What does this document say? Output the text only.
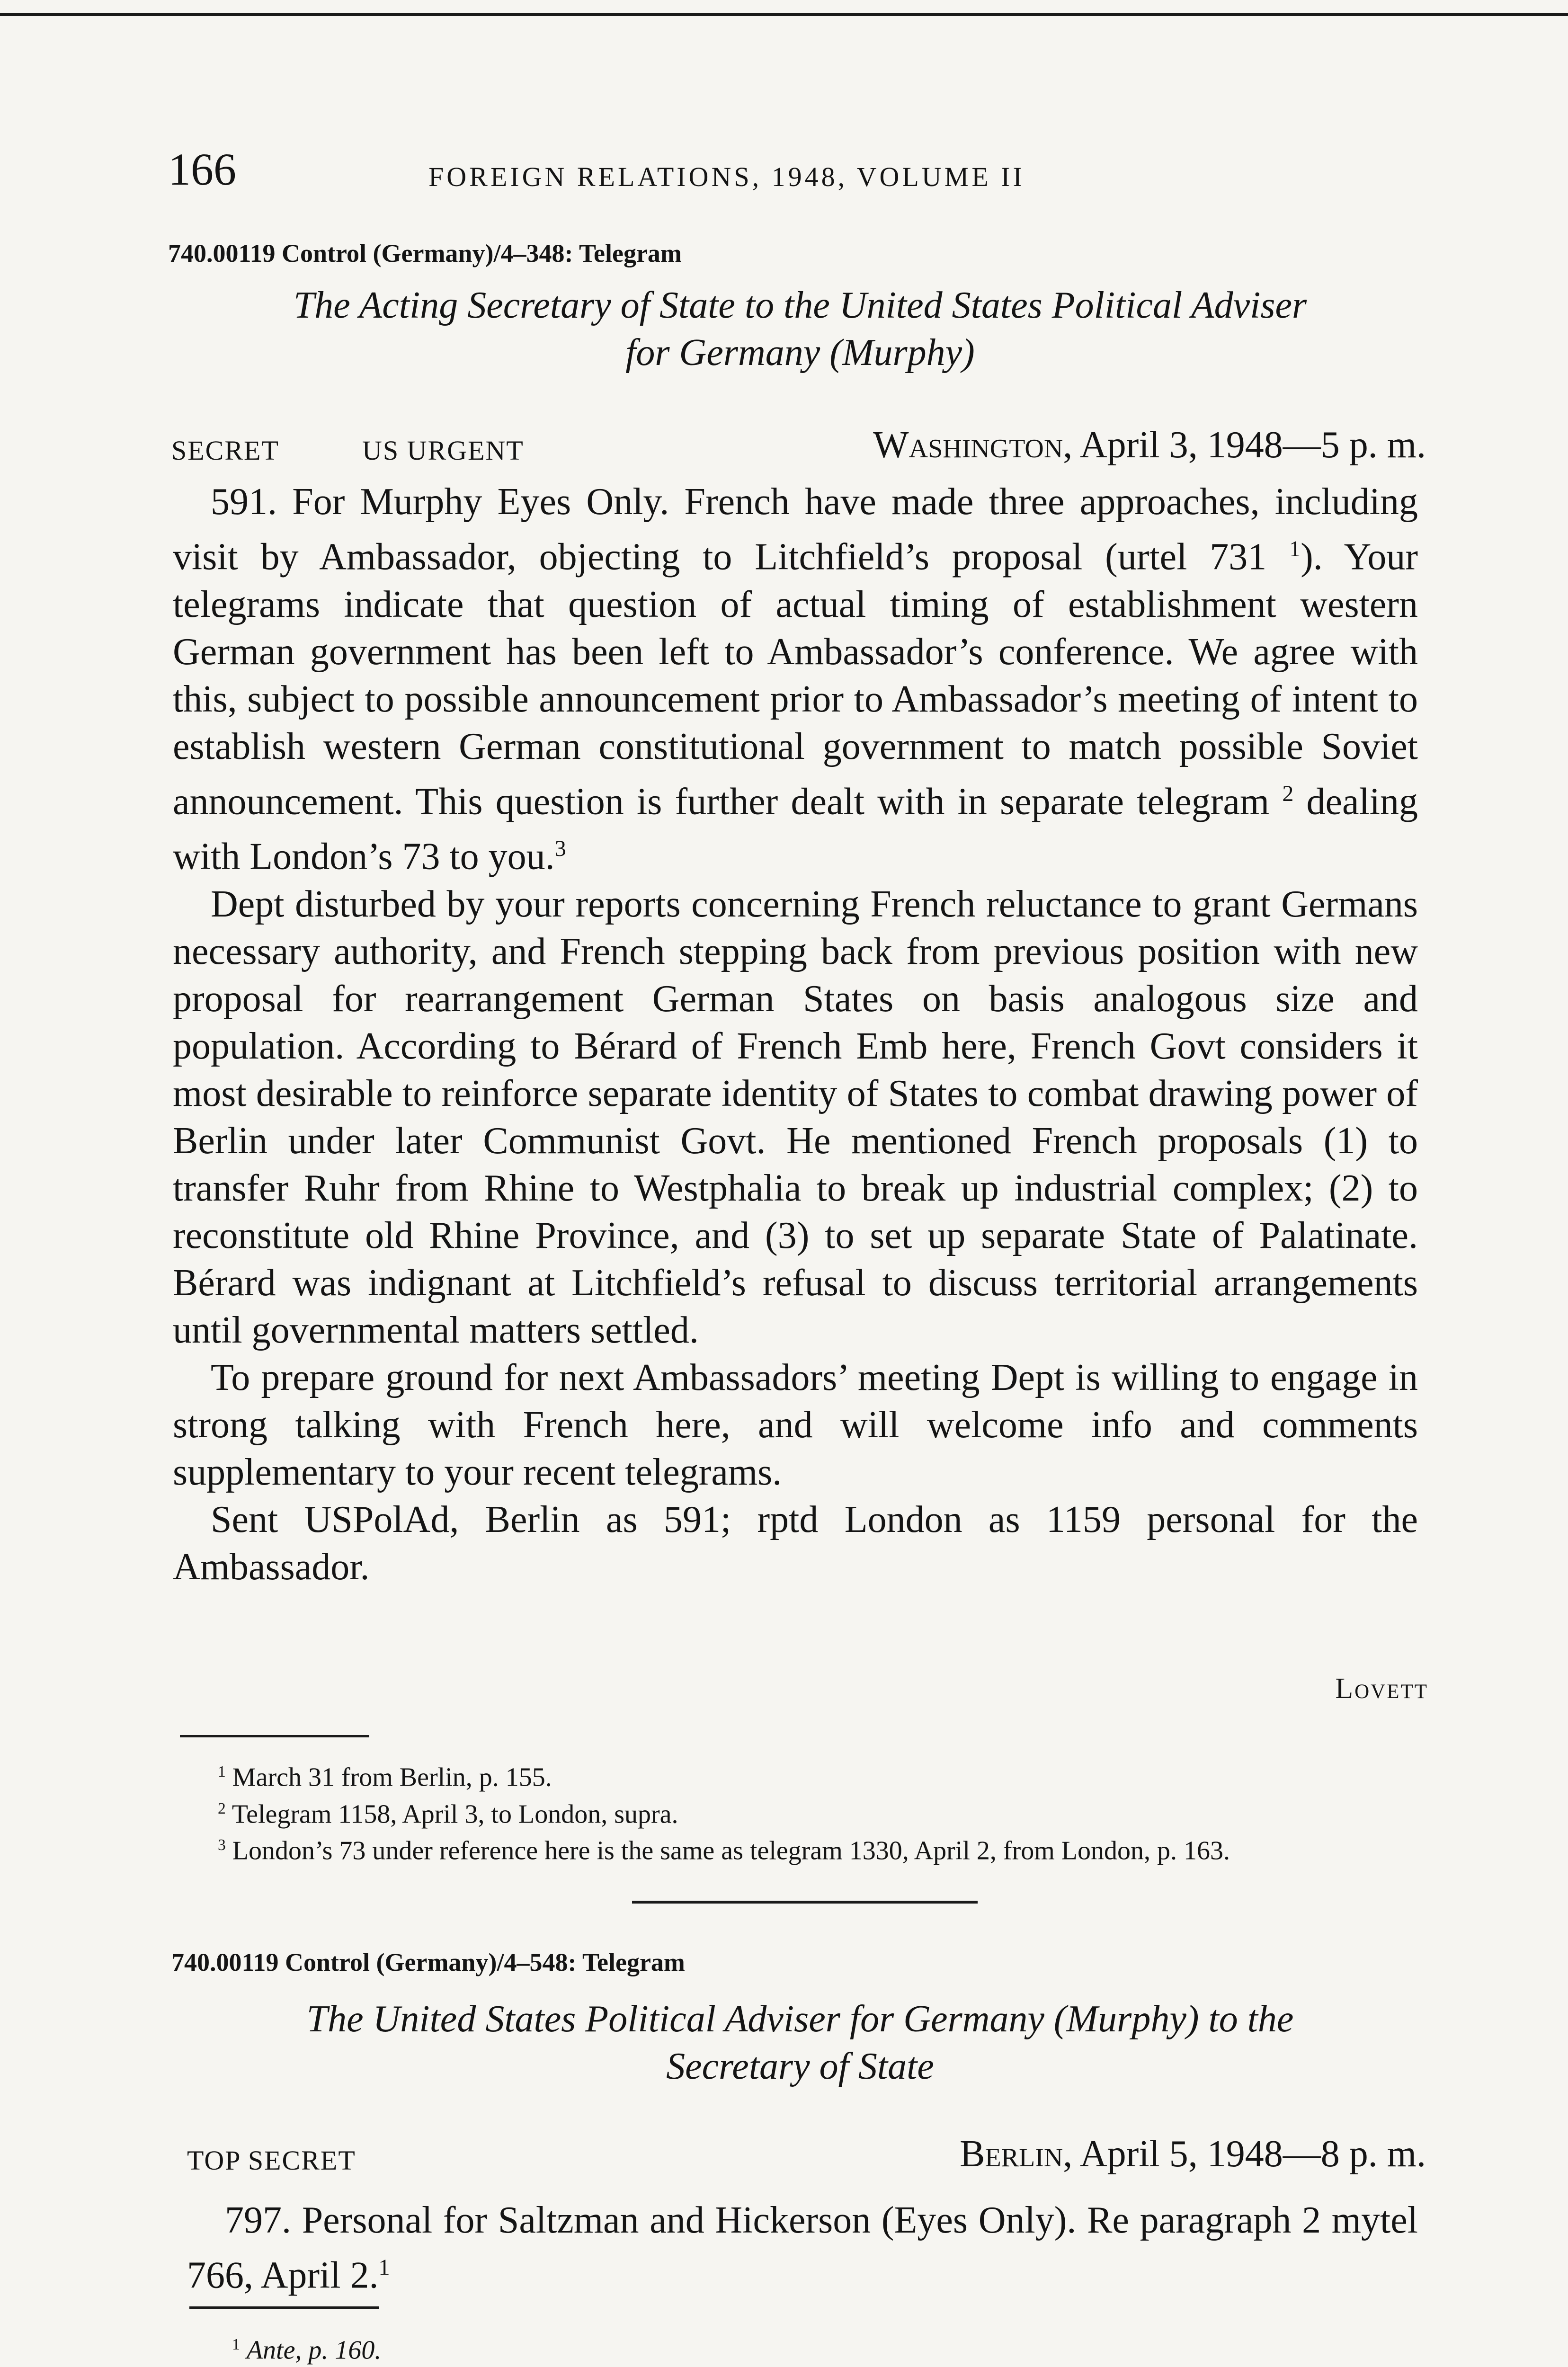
166	FOREIGN RELATIONS, 1948, VOLUME II
740.00119 Control (Germany)/4–348: Telegram
The Acting Secretary of State to the United States Political Adviser
for Germany (Murphy)
SECRET	US URGENT	Washington, April 3, 1948—5 p. m.

591. For Murphy Eyes Only. French have made three approaches, including visit by Ambassador, objecting to Litchfield’s proposal (urtel 731 $^1$). Your telegrams indicate that question of actual timing of establishment western German government has been left to Ambassador’s conference. We agree with this, subject to possible announcement prior to Ambassador’s meeting of intent to establish western German constitutional government to match possible Soviet announcement. This question is further dealt with in separate telegram $^2$ dealing with London’s 73 to you.$^3$

Dept disturbed by your reports concerning French reluctance to grant Germans necessary authority, and French stepping back from previous position with new proposal for rearrangement German States on basis analogous size and population. According to Bérard of French Emb here, French Govt considers it most desirable to reinforce separate identity of States to combat drawing power of Berlin under later Communist Govt. He mentioned French proposals (1) to transfer Ruhr from Rhine to Westphalia to break up industrial complex; (2) to reconstitute old Rhine Province, and (3) to set up separate State of Palatinate. Bérard was indignant at Litchfield’s refusal to discuss territorial arrangements until governmental matters settled.

To prepare ground for next Ambassadors’ meeting Dept is willing to engage in strong talking with French here, and will welcome info and comments supplementary to your recent telegrams.

Sent USPolAd, Berlin as 591; rptd London as 1159 personal for the Ambassador.

Lovett

$^1$ March 31 from Berlin, p. 155.

$^2$ Telegram 1158, April 3, to London, supra.

$^3$ London’s 73 under reference here is the same as telegram 1330, April 2, from London, p. 163.

740.00119 Control (Germany)/4–548: Telegram
The United States Political Adviser for Germany (Murphy) to the
Secretary of State
TOP SECRET	Berlin, April 5, 1948—8 p. m.

797. Personal for Saltzman and Hickerson (Eyes Only). Re paragraph 2 mytel 766, April 2.$^1$

$^1$ Ante, p. 160.
